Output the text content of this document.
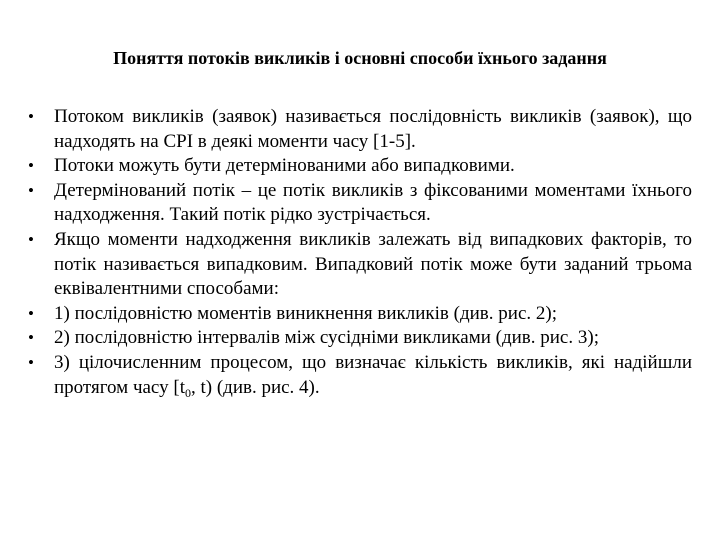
Поняття потоків викликів і основні способи їхнього задання
• Потоком викликів (заявок) називається послідовність викликів (заявок), що надходять на CPI в деякі моменти часу [1-5].
• Потоки можуть бути детермінованими або випадковими.
• Детермінований потік – це потік викликів з фіксованими моментами їхнього надходження. Такий потік рідко зустрічається.
• Якщо моменти надходження викликів залежать від випадкових факторів, то потік називається випадковим. Випадковий потік може бути заданий трьома еквівалентними способами:
• 1) послідовністю моментів виникнення викликів (див. рис. 2);
• 2) послідовністю інтервалів між сусідніми викликами (див. рис. 3);
• 3) цілочисленним процесом, що визначає кількість викликів, які надійшли протягом часу [$t_0$, t) (див. рис. 4).
